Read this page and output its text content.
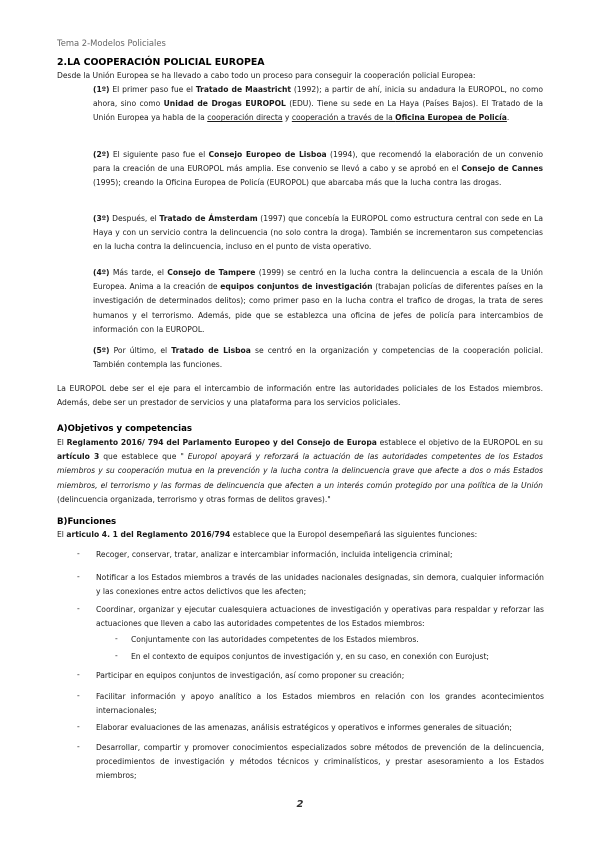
Tema 2-Modelos Policiales
2.LA COOPERACIÓN POLICIAL EUROPEA
Desde la Unión Europea se ha llevado a cabo todo un proceso para conseguir la cooperación policial Europea:
(1º) El primer paso fue el Tratado de Maastricht (1992); a partir de ahí, inicia su andadura la EUROPOL, no como ahora, sino como Unidad de Drogas EUROPOL (EDU). Tiene su sede en La Haya (Países Bajos). El Tratado de la Unión Europea ya habla de la cooperación directa y cooperación a través de la Oficina Europea de Policía.
(2º) El siguiente paso fue el Consejo Europeo de Lisboa (1994), que recomendó la elaboración de un convenio para la creación de una EUROPOL más amplia. Ese convenio se llevó a cabo y se aprobó en el Consejo de Cannes (1995); creando la Oficina Europea de Policía (EUROPOL) que abarcaba más que la lucha contra las drogas.
(3º) Después, el Tratado de Ámsterdam (1997) que concebía la EUROPOL como estructura central con sede en La Haya y con un servicio contra la delincuencia (no solo contra la droga). También se incrementaron sus competencias en la lucha contra la delincuencia, incluso en el punto de vista operativo.
(4º) Más tarde, el Consejo de Tampere (1999) se centró en la lucha contra la delincuencia a escala de la Unión Europea. Anima a la creación de equipos conjuntos de investigación (trabajan policías de diferentes países en la investigación de determinados delitos); como primer paso en la lucha contra el trafico de drogas, la trata de seres humanos y el terrorismo. Además, pide que se establezca una oficina de jefes de policía para intercambios de información con la EUROPOL.
(5º) Por último, el Tratado de Lisboa se centró en la organización y competencias de la cooperación policial. También contempla las funciones.
La EUROPOL debe ser el eje para el intercambio de información entre las autoridades policiales de los Estados miembros. Además, debe ser un prestador de servicios y una plataforma para los servicios policiales.
A)Objetivos y competencias
El Reglamento 2016/ 794 del Parlamento Europeo y del Consejo de Europa establece el objetivo de la EUROPOL en su artículo 3 que establece que " Europol apoyará y reforzará la actuación de las autoridades competentes de los Estados miembros y su cooperación mutua en la prevención y la lucha contra la delincuencia grave que afecte a dos o más Estados miembros, el terrorismo y las formas de delincuencia que afecten a un interés común protegido por una política de la Unión (delincuencia organizada, terrorismo y otras formas de delitos graves)."
B)Funciones
El articulo 4. 1 del Reglamento 2016/794 establece que la Europol desempeñará las siguientes funciones:
- Recoger, conservar, tratar, analizar e intercambiar información, incluida inteligencia criminal;
- Notificar a los Estados miembros a través de las unidades nacionales designadas, sin demora, cualquier información y las conexiones entre actos delictivos que les afecten;
- Coordinar, organizar y ejecutar cualesquiera actuaciones de investigación y operativas para respaldar y reforzar las actuaciones que lleven a cabo las autoridades competentes de los Estados miembros:
- Conjuntamente con las autoridades competentes de los Estados miembros.
- En el contexto de equipos conjuntos de investigación y, en su caso, en conexión con Eurojust;
- Participar en equipos conjuntos de investigación, así como proponer su creación;
- Facilitar información y apoyo analítico a los Estados miembros en relación con los grandes acontecimientos internacionales;
- Elaborar evaluaciones de las amenazas, análisis estratégicos y operativos e informes generales de situación;
- Desarrollar, compartir y promover conocimientos especializados sobre métodos de prevención de la delincuencia, procedimientos de investigación y métodos técnicos y criminalísticos, y prestar asesoramiento a los Estados miembros;
2
